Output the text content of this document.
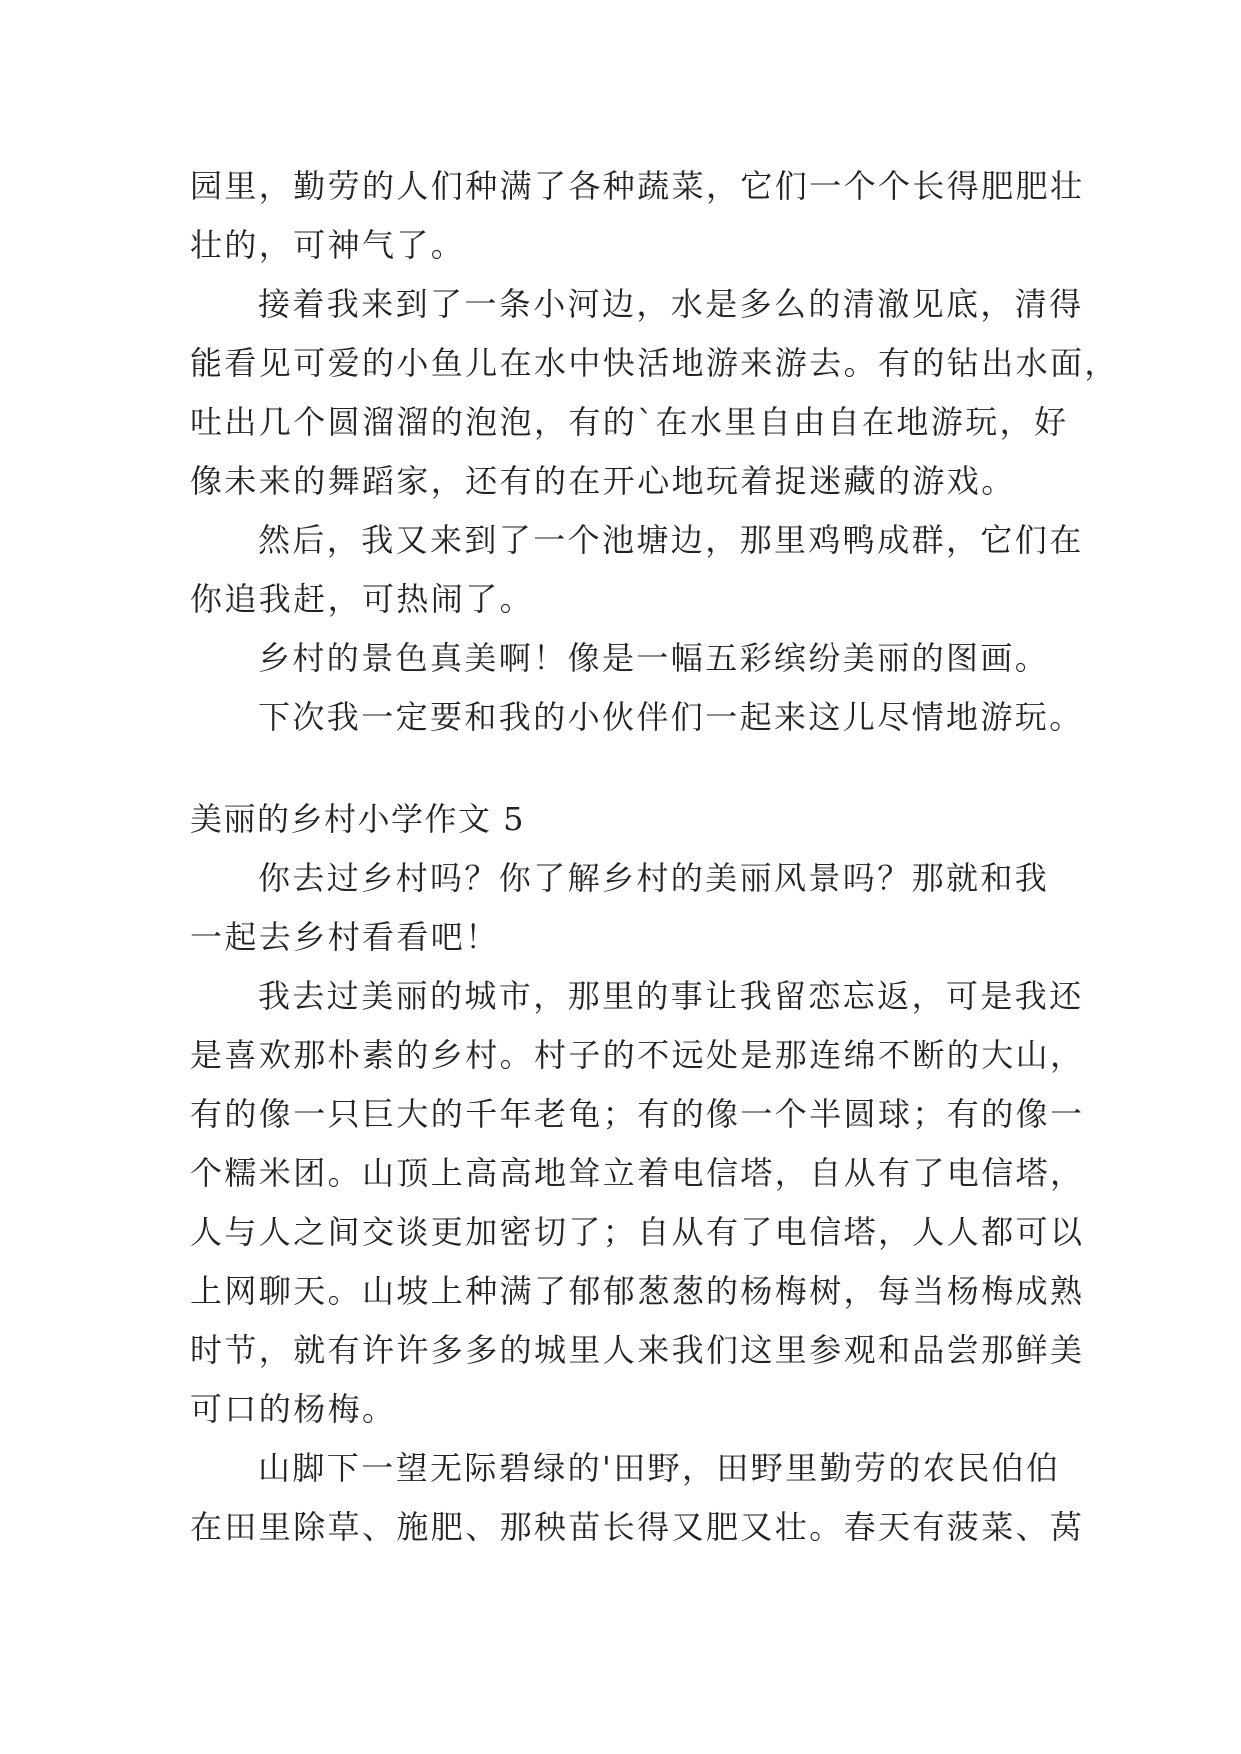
园里，勤劳的人们种满了各种蔬菜，它们一个个长得肥肥壮
壮的，可神气了。
接着我来到了一条小河边，水是多么的清澈见底，清得
能看见可爱的小鱼儿在水中快活地游来游去。有的钻出水面，
吐出几个圆溜溜的泡泡，有的`在水里自由自在地游玩，好
像未来的舞蹈家，还有的在开心地玩着捉迷藏的游戏。
然后，我又来到了一个池塘边，那里鸡鸭成群，它们在
你追我赶，可热闹了。
乡村的景色真美啊！像是一幅五彩缤纷美丽的图画。
下次我一定要和我的小伙伴们一起来这儿尽情地游玩。
美丽的乡村小学作文 5
你去过乡村吗？你了解乡村的美丽风景吗？那就和我
一起去乡村看看吧！
我去过美丽的城市，那里的事让我留恋忘返，可是我还
是喜欢那朴素的乡村。村子的不远处是那连绵不断的大山，
有的像一只巨大的千年老龟；有的像一个半圆球；有的像一
个糯米团。山顶上高高地耸立着电信塔，自从有了电信塔，
人与人之间交谈更加密切了；自从有了电信塔，人人都可以
上网聊天。山坡上种满了郁郁葱葱的杨梅树，每当杨梅成熟
时节，就有许许多多的城里人来我们这里参观和品尝那鲜美
可口的杨梅。
山脚下一望无际碧绿的'田野，田野里勤劳的农民伯伯
在田里除草、施肥、那秧苗长得又肥又壮。春天有菠菜、莴
